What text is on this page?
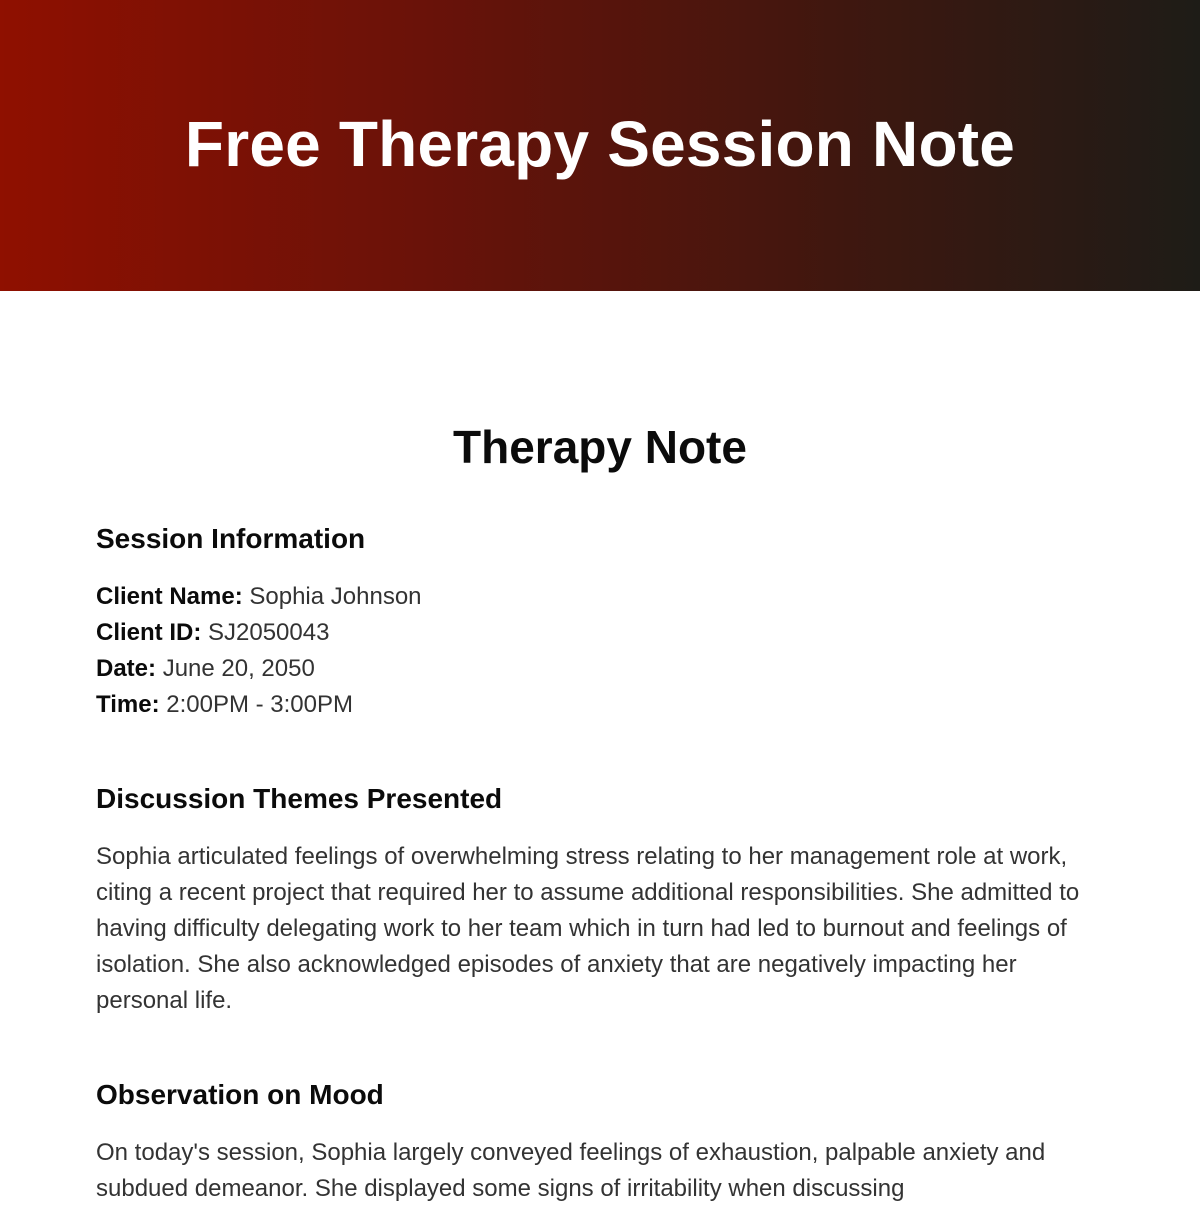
Free Therapy Session Note
Therapy Note
Session Information
Client Name: Sophia Johnson
Client ID: SJ2050043
Date: June 20, 2050
Time: 2:00PM - 3:00PM
Discussion Themes Presented

Sophia articulated feelings of overwhelming stress relating to her management role at work, citing a recent project that required her to assume additional responsibilities. She admitted to having difficulty delegating work to her team which in turn had led to burnout and feelings of isolation. She also acknowledged episodes of anxiety that are negatively impacting her personal life.

Observation on Mood

On today's session, Sophia largely conveyed feelings of exhaustion, palpable anxiety and subdued demeanor. She displayed some signs of irritability when discussing
